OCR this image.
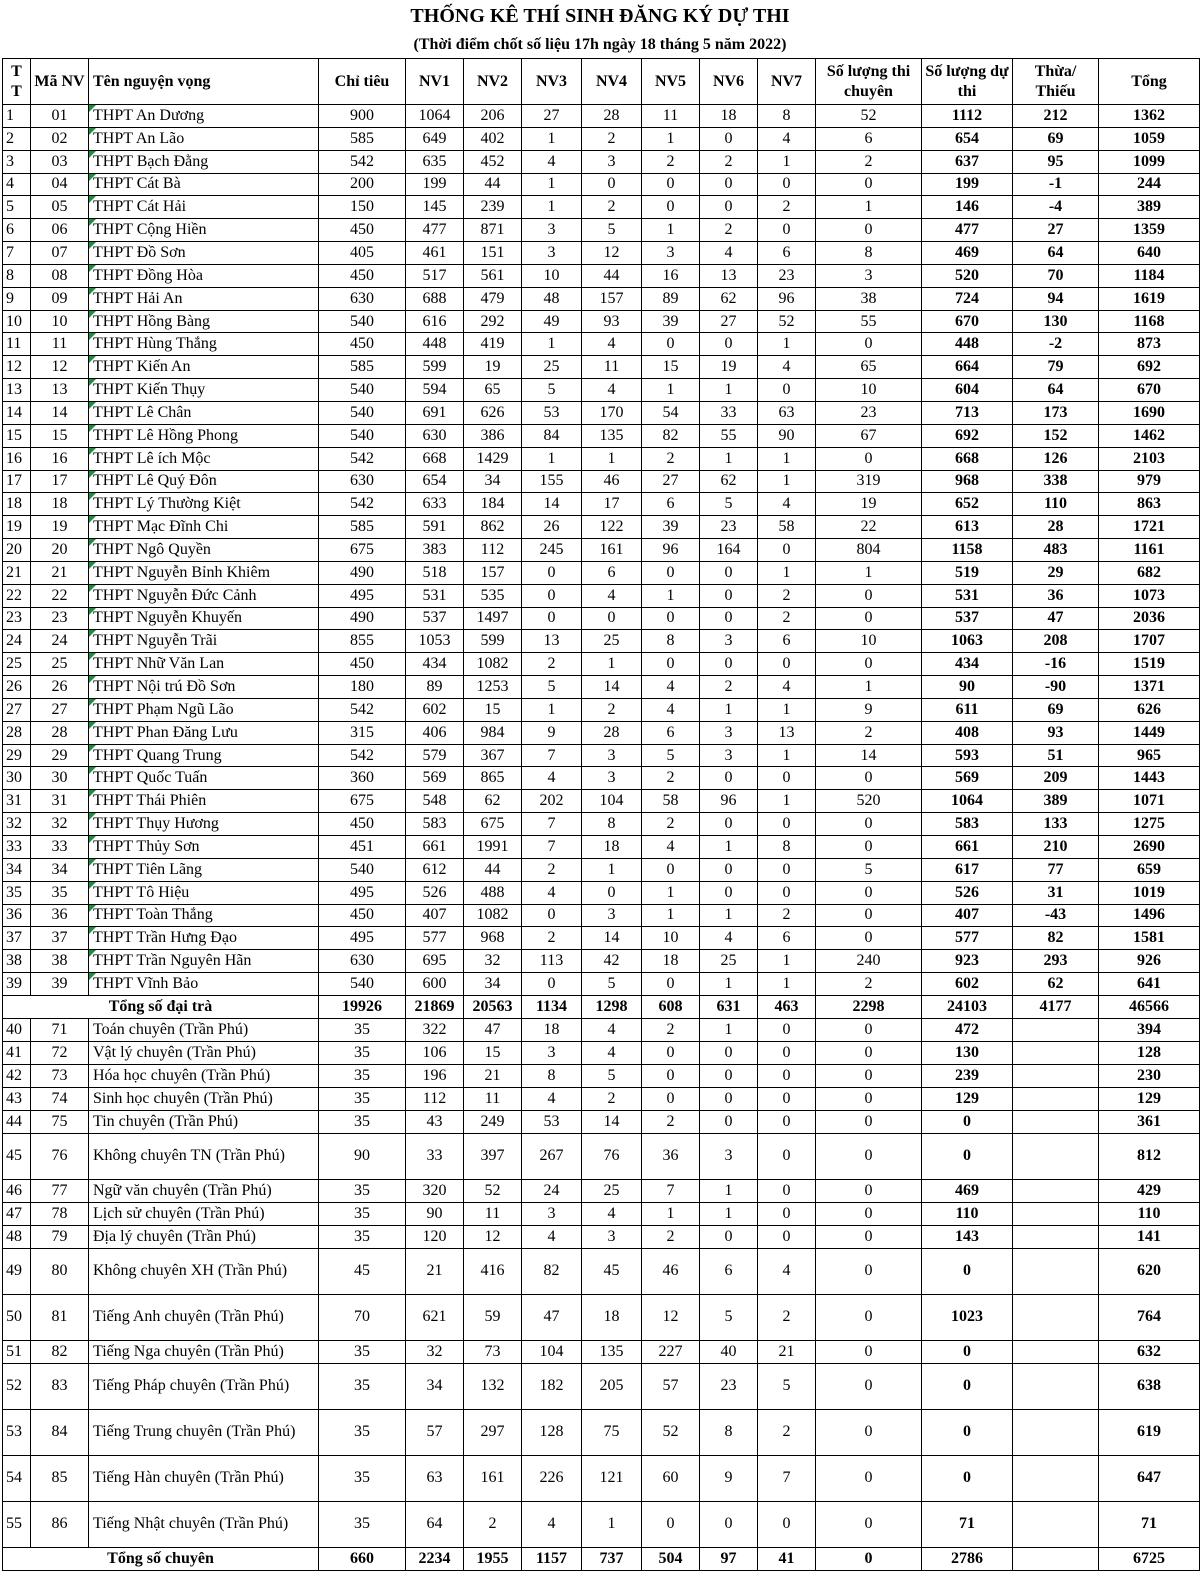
THỐNG KÊ THÍ SINH ĐĂNG KÝ DỰ THI
(Thời điểm chốt số liệu 17h ngày 18 tháng 5 năm 2022)
T T	Mã NV	Tên nguyện vọng	Chỉ tiêu	NV1	NV2	NV3	NV4	NV5	NV6	NV7	Số lượng thi chuyên	Số lượng dự thi	Thừa/ Thiếu	Tổng
1	01	THPT An Dương	900	1064	206	27	28	11	18	8	52	1112	212	1362
2	02	THPT An Lão	585	649	402	1	2	1	0	4	6	654	69	1059
3	03	THPT Bạch Đằng	542	635	452	4	3	2	2	1	2	637	95	1099
4	04	THPT Cát Bà	200	199	44	1	0	0	0	0	0	199	-1	244
5	05	THPT Cát Hải	150	145	239	1	2	0	0	2	1	146	-4	389
6	06	THPT Cộng Hiền	450	477	871	3	5	1	2	0	0	477	27	1359
7	07	THPT Đồ Sơn	405	461	151	3	12	3	4	6	8	469	64	640
8	08	THPT Đồng Hòa	450	517	561	10	44	16	13	23	3	520	70	1184
9	09	THPT Hải An	630	688	479	48	157	89	62	96	38	724	94	1619
10	10	THPT Hồng Bàng	540	616	292	49	93	39	27	52	55	670	130	1168
11	11	THPT Hùng Thắng	450	448	419	1	4	0	0	1	0	448	-2	873
12	12	THPT Kiến An	585	599	19	25	11	15	19	4	65	664	79	692
13	13	THPT Kiến Thụy	540	594	65	5	4	1	1	0	10	604	64	670
14	14	THPT Lê Chân	540	691	626	53	170	54	33	63	23	713	173	1690
15	15	THPT Lê Hồng Phong	540	630	386	84	135	82	55	90	67	692	152	1462
16	16	THPT Lê ích Mộc	542	668	1429	1	1	2	1	1	0	668	126	2103
17	17	THPT Lê Quý Đôn	630	654	34	155	46	27	62	1	319	968	338	979
18	18	THPT Lý Thường Kiệt	542	633	184	14	17	6	5	4	19	652	110	863
19	19	THPT Mạc Đĩnh Chi	585	591	862	26	122	39	23	58	22	613	28	1721
20	20	THPT Ngô Quyền	675	383	112	245	161	96	164	0	804	1158	483	1161
21	21	THPT Nguyễn Bỉnh Khiêm	490	518	157	0	6	0	0	1	1	519	29	682
22	22	THPT Nguyễn Đức Cảnh	495	531	535	0	4	1	0	2	0	531	36	1073
23	23	THPT Nguyễn Khuyến	490	537	1497	0	0	0	0	2	0	537	47	2036
24	24	THPT Nguyễn Trãi	855	1053	599	13	25	8	3	6	10	1063	208	1707
25	25	THPT Nhữ Văn Lan	450	434	1082	2	1	0	0	0	0	434	-16	1519
26	26	THPT Nội trú Đồ Sơn	180	89	1253	5	14	4	2	4	1	90	-90	1371
27	27	THPT Phạm Ngũ Lão	542	602	15	1	2	4	1	1	9	611	69	626
28	28	THPT Phan Đăng Lưu	315	406	984	9	28	6	3	13	2	408	93	1449
29	29	THPT Quang Trung	542	579	367	7	3	5	3	1	14	593	51	965
30	30	THPT Quốc Tuấn	360	569	865	4	3	2	0	0	0	569	209	1443
31	31	THPT Thái Phiên	675	548	62	202	104	58	96	1	520	1064	389	1071
32	32	THPT Thụy Hương	450	583	675	7	8	2	0	0	0	583	133	1275
33	33	THPT Thủy Sơn	451	661	1991	7	18	4	1	8	0	661	210	2690
34	34	THPT Tiên Lãng	540	612	44	2	1	0	0	0	5	617	77	659
35	35	THPT Tô Hiệu	495	526	488	4	0	1	0	0	0	526	31	1019
36	36	THPT Toàn Thắng	450	407	1082	0	3	1	1	2	0	407	-43	1496
37	37	THPT Trần Hưng Đạo	495	577	968	2	14	10	4	6	0	577	82	1581
38	38	THPT Trần Nguyên Hãn	630	695	32	113	42	18	25	1	240	923	293	926
39	39	THPT Vĩnh Bảo	540	600	34	0	5	0	1	1	2	602	62	641
Tổng số đại trà			19926	21869	20563	1134	1298	608	631	463	2298	24103	4177	46566
40	71	Toán chuyên (Trần Phú)	35	322	47	18	4	2	1	0	0	472		394
41	72	Vật lý chuyên (Trần Phú)	35	106	15	3	4	0	0	0	0	130		128
42	73	Hóa học chuyên (Trần Phú)	35	196	21	8	5	0	0	0	0	239		230
43	74	Sinh học chuyên (Trần Phú)	35	112	11	4	2	0	0	0	0	129		129
44	75	Tin chuyên (Trần Phú)	35	43	249	53	14	2	0	0	0	0		361
45	76	Không chuyên TN (Trần Phú)	90	33	397	267	76	36	3	0	0	0		812
46	77	Ngữ văn chuyên (Trần Phú)	35	320	52	24	25	7	1	0	0	469		429
47	78	Lịch sử chuyên (Trần Phú)	35	90	11	3	4	1	1	0	0	110		110
48	79	Địa lý chuyên (Trần Phú)	35	120	12	4	3	2	0	0	0	143		141
49	80	Không chuyên XH (Trần Phú)	45	21	416	82	45	46	6	4	0	0		620
50	81	Tiếng Anh chuyên (Trần Phú)	70	621	59	47	18	12	5	2	0	1023		764
51	82	Tiếng Nga chuyên (Trần Phú)	35	32	73	104	135	227	40	21	0	0		632
52	83	Tiếng Pháp chuyên (Trần Phú)	35	34	132	182	205	57	23	5	0	0		638
53	84	Tiếng Trung chuyên (Trần Phú)	35	57	297	128	75	52	8	2	0	0		619
54	85	Tiếng Hàn chuyên (Trần Phú)	35	63	161	226	121	60	9	7	0	0		647
55	86	Tiếng Nhật chuyên (Trần Phú)	35	64	2	4	1	0	0	0	0	71		71
Tổng số chuyên			660	2234	1955	1157	737	504	97	41	0	2786		6725
